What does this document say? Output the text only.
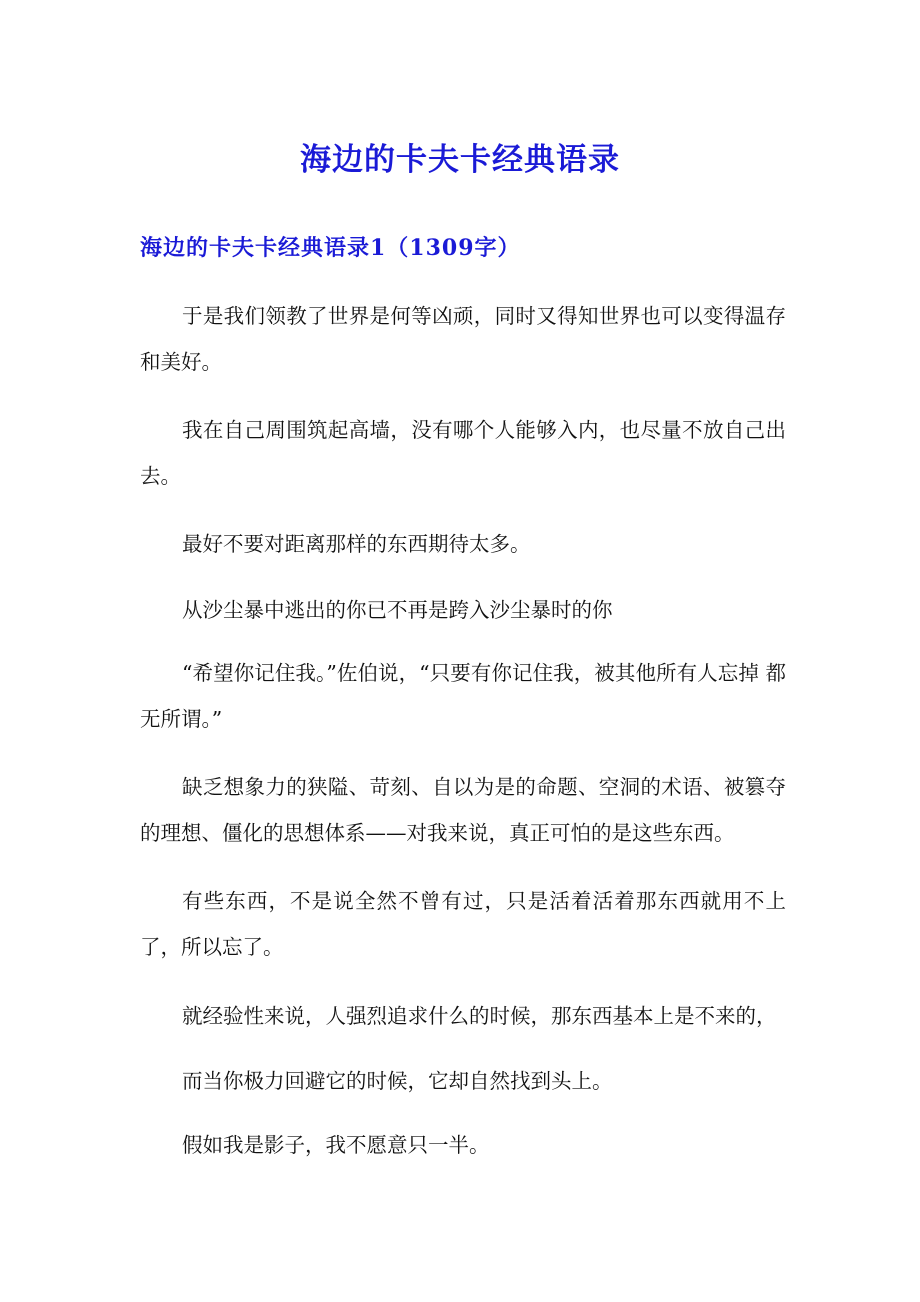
海边的卡夫卡经典语录
海边的卡夫卡经典语录1（1309字）

于是我们领教了世界是何等凶顽，同时又得知世界也可以变得温存和美好。

我在自己周围筑起高墙，没有哪个人能够入内，也尽量不放自己出去。

最好不要对距离那样的东西期待太多。

从沙尘暴中逃出的你已不再是跨入沙尘暴时的你

“希望你记住我。”佐伯说，“只要有你记住我，被其他所有人忘掉 都无所谓。”

缺乏想象力的狭隘、苛刻、自以为是的命题、空洞的术语、被篡夺的理想、僵化的思想体系——对我来说，真正可怕的是这些东西。

有些东西，不是说全然不曾有过，只是活着活着那东西就用不上了，所以忘了。

就经验性来说，人强烈追求什么的时候，那东西基本上是不来的，

而当你极力回避它的时候，它却自然找到头上。

假如我是影子，我不愿意只一半。
